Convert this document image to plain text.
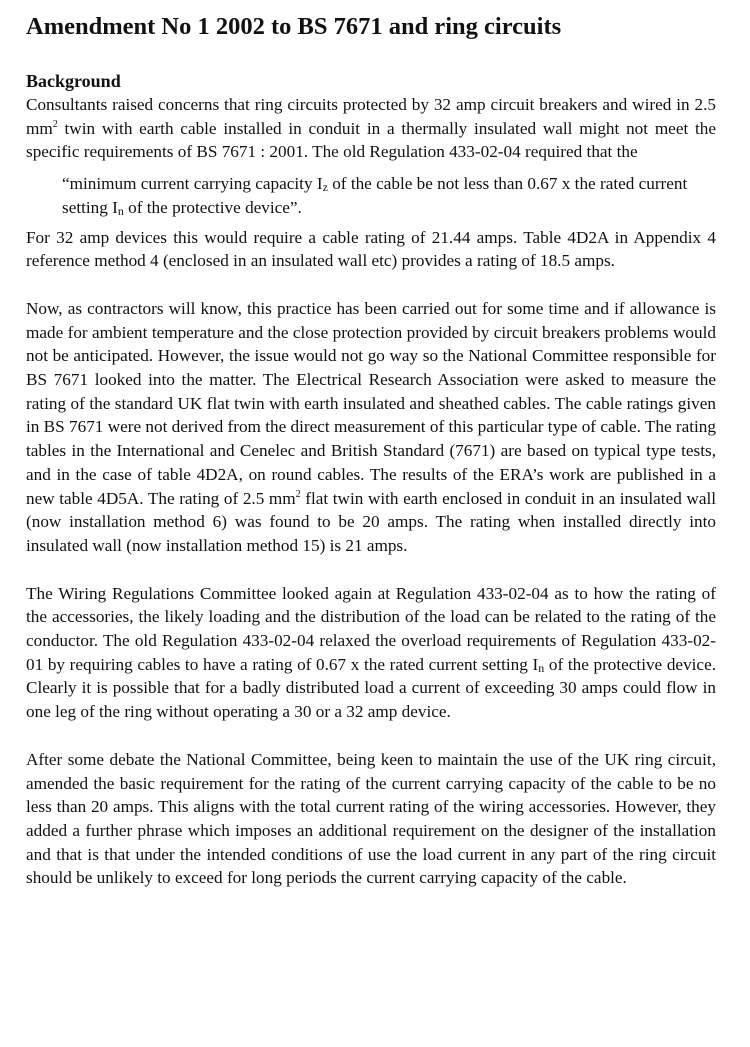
Amendment No 1 2002 to BS 7671 and ring circuits
Background

Consultants raised concerns that ring circuits protected by 32 amp circuit breakers and wired in 2.5 $mm^2$ twin with earth cable installed in conduit in a thermally insulated wall might not meet the specific requirements of BS 7671 : 2001. The old Regulation 433-02-04 required that the

“minimum current carrying capacity Iz of the cable be not less than 0.67 x the rated current setting In of the protective device”.

For 32 amp devices this would require a cable rating of 21.44 amps. Table 4D2A in Appendix 4 reference method 4 (enclosed in an insulated wall etc) provides a rating of 18.5 amps.

Now, as contractors will know, this practice has been carried out for some time and if allowance is made for ambient temperature and the close protection provided by circuit breakers problems would not be anticipated. However, the issue would not go way so the National Committee responsible for BS 7671 looked into the matter. The Electrical Research Association were asked to measure the rating of the standard UK flat twin with earth insulated and sheathed cables. The cable ratings given in BS 7671 were not derived from the direct measurement of this particular type of cable. The rating tables in the International and Cenelec and British Standard (7671) are based on typical type tests, and in the case of table 4D2A, on round cables. The results of the ERA’s work are published in a new table 4D5A. The rating of 2.5 $mm^2$ flat twin with earth enclosed in conduit in an insulated wall (now installation method 6) was found to be 20 amps. The rating when installed directly into insulated wall (now installation method 15) is 21 amps.

The Wiring Regulations Committee looked again at Regulation 433-02-04 as to how the rating of the accessories, the likely loading and the distribution of the load can be related to the rating of the conductor. The old Regulation 433-02-04 relaxed the overload requirements of Regulation 433-02-01 by requiring cables to have a rating of 0.67 x the rated current setting In of the protective device. Clearly it is possible that for a badly distributed load a current of exceeding 30 amps could flow in one leg of the ring without operating a 30 or a 32 amp device.

After some debate the National Committee, being keen to maintain the use of the UK ring circuit, amended the basic requirement for the rating of the current carrying capacity of the cable to be no less than 20 amps. This aligns with the total current rating of the wiring accessories. However, they added a further phrase which imposes an additional requirement on the designer of the installation and that is that under the intended conditions of use the load current in any part of the ring circuit should be unlikely to exceed for long periods the current carrying capacity of the cable.
